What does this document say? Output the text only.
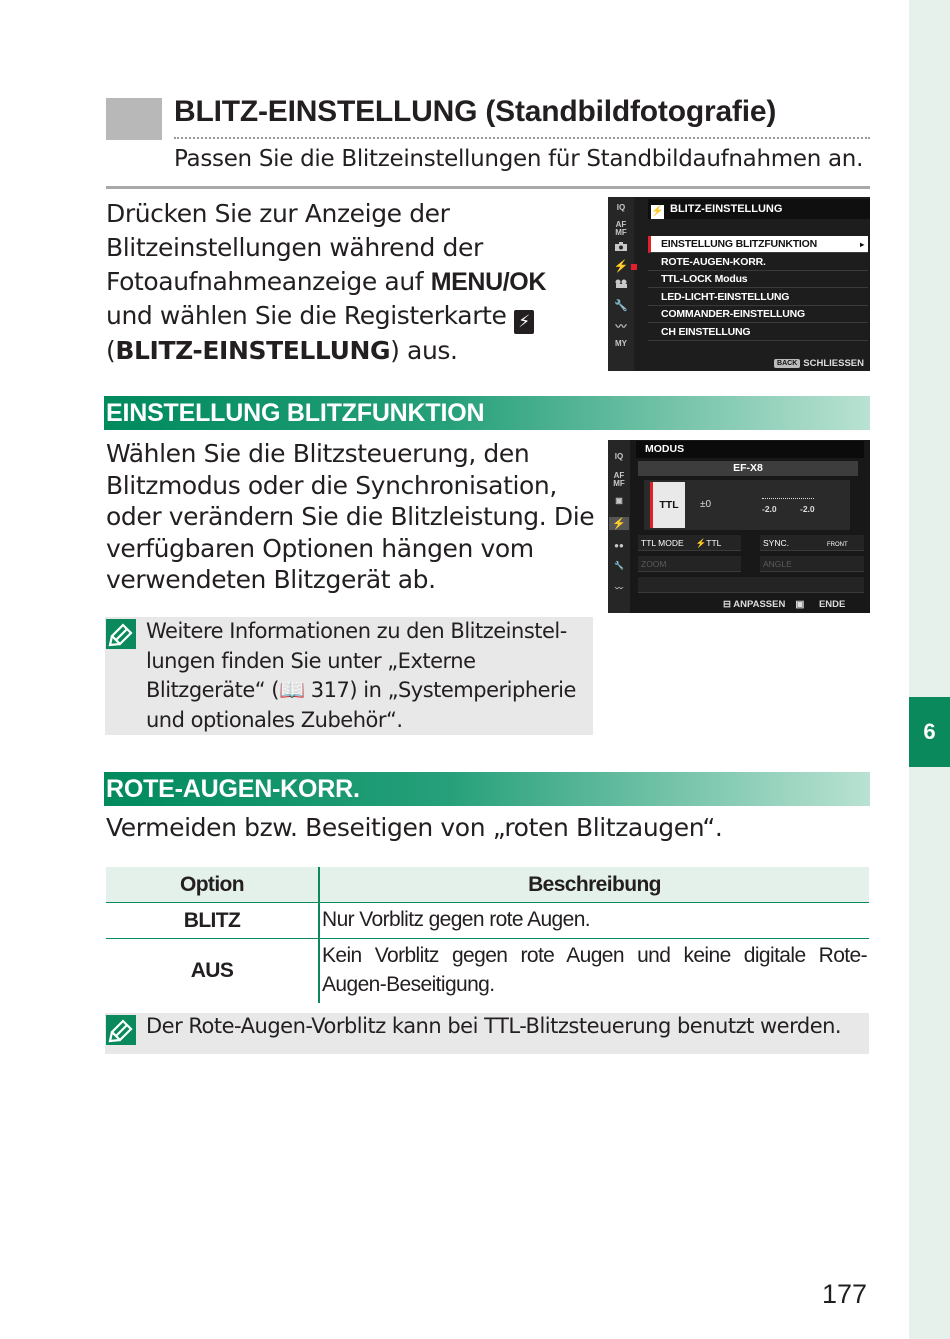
6
BLITZ-EINSTELLUNG (Standbildfotografie)
Passen Sie die Blitzeinstellungen für Standbildaufnahmen an.
Drücken Sie zur Anzeige der Blitzeinstellungen während der Fotoaufnahmeanzeige auf MENU/OK und wählen Sie die Registerkarte ⚡ (BLITZ-EINSTELLUNG) aus.
IQ
AF
MF
⚡
🔧
〰
MY
⚡ BLITZ-EINSTELLUNG
EINSTELLUNG BLITZFUNKTION	▸
ROTE-AUGEN-KORR.
TTL-LOCK Modus
LED-LICHT-EINSTELLUNG
COMMANDER-EINSTELLUNG
CH EINSTELLUNG
BACK SCHLIESSEN
EINSTELLUNG BLITZFUNKTION
Wählen Sie die Blitzsteuerung, den Blitzmodus oder die Synchronisation, oder verändern Sie die Blitzleistung. Die verfügbaren Optionen hängen vom verwendeten Blitzgerät ab.
IQ
AF
MF
▣
⚡
●●
🔧
〰
MODUS
EF-X8
TTL	±0	-2.0	-2.0
TTL MODE ⚡TTL	SYNC.	FRONT
ZOOM	ANGLE
⊟ ANPASSEN ▣ ENDE
Weitere Informationen zu den Blitzeinstellungen finden Sie unter „Externe Blitzgeräte“ (📖 317) in „Systemperipherie und optionales Zubehör“.
ROTE-AUGEN-KORR.
Vermeiden bzw. Beseitigen von „roten Blitzaugen“.
Option	Beschreibung
BLITZ	Nur Vorblitz gegen rote Augen.
AUS	Kein Vorblitz gegen rote Augen und keine digitale Rote-Augen-Beseitigung.
Der Rote-Augen-Vorblitz kann bei TTL-Blitzsteuerung benutzt werden.
177
